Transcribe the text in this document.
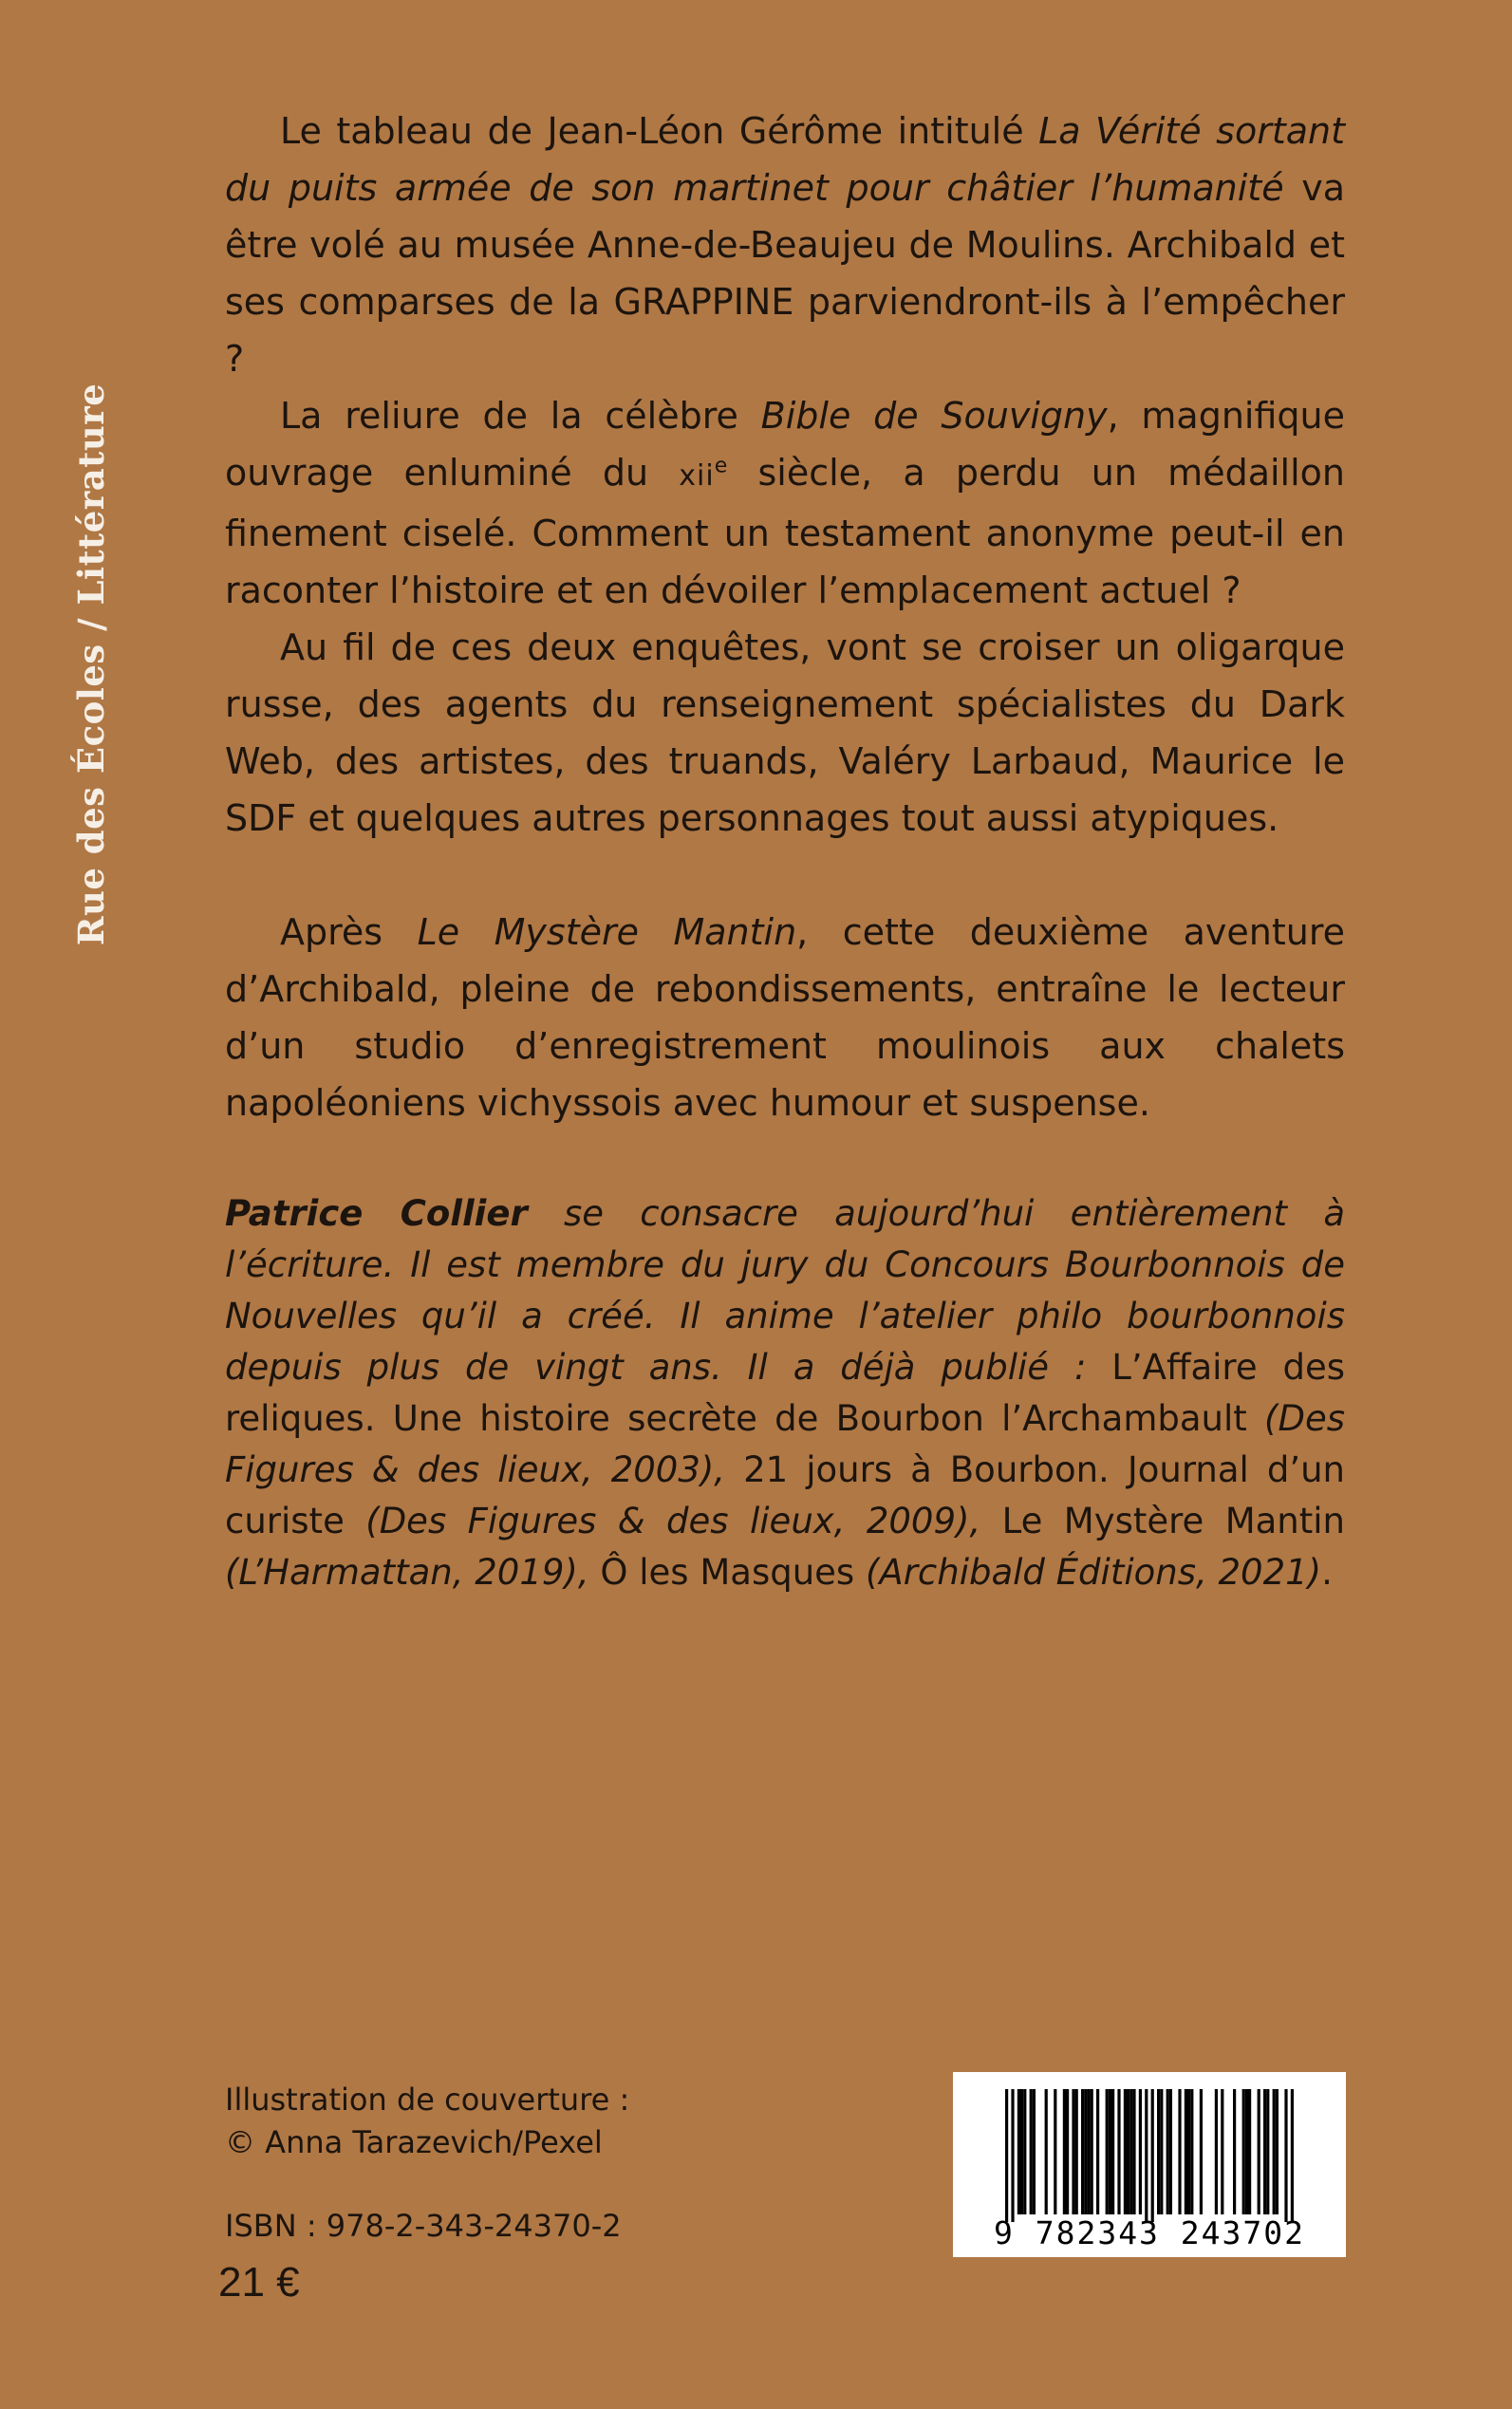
Rue des Écoles / Littérature

Le tableau de Jean-Léon Gérôme intitulé La Vérité sortant du puits armée de son martinet pour châtier l’humanité va être volé au musée Anne-de-Beaujeu de Moulins. Archibald et ses comparses de la GRAPPINE parviendront-ils à l’empêcher ?

La reliure de la célèbre Bible de Souvigny, magnifique ouvrage enluminé du xii$^e$ siècle, a perdu un médaillon finement ciselé. Comment un testament anonyme peut-il en raconter l’histoire et en dévoiler l’emplacement actuel ?

Au fil de ces deux enquêtes, vont se croiser un oligarque russe, des agents du renseignement spécialistes du Dark Web, des artistes, des truands, Valéry Larbaud, Maurice le SDF et quelques autres personnages tout aussi atypiques.

Après Le Mystère Mantin, cette deuxième aventure d’Archibald, pleine de rebondissements, entraîne le lecteur d’un studio d’enregistrement moulinois aux chalets napoléoniens vichyssois avec humour et suspense.

Patrice Collier se consacre aujourd’hui entièrement à l’écriture. Il est membre du jury du Concours Bourbonnois de Nouvelles qu’il a créé. Il anime l’atelier philo bourbonnois depuis plus de vingt ans. Il a déjà publié : L’Affaire des reliques. Une histoire secrète de Bourbon l’Archambault (Des Figures & des lieux, 2003), 21 jours à Bourbon. Journal d’un curiste (Des Figures & des lieux, 2009), Le Mystère Mantin (L’Harmattan, 2019), Ô les Masques (Archibald Éditions, 2021).

Illustration de couverture :
© Anna Tarazevich/Pexel
ISBN : 978-2-343-24370-2
21 €
9 782343 243702
